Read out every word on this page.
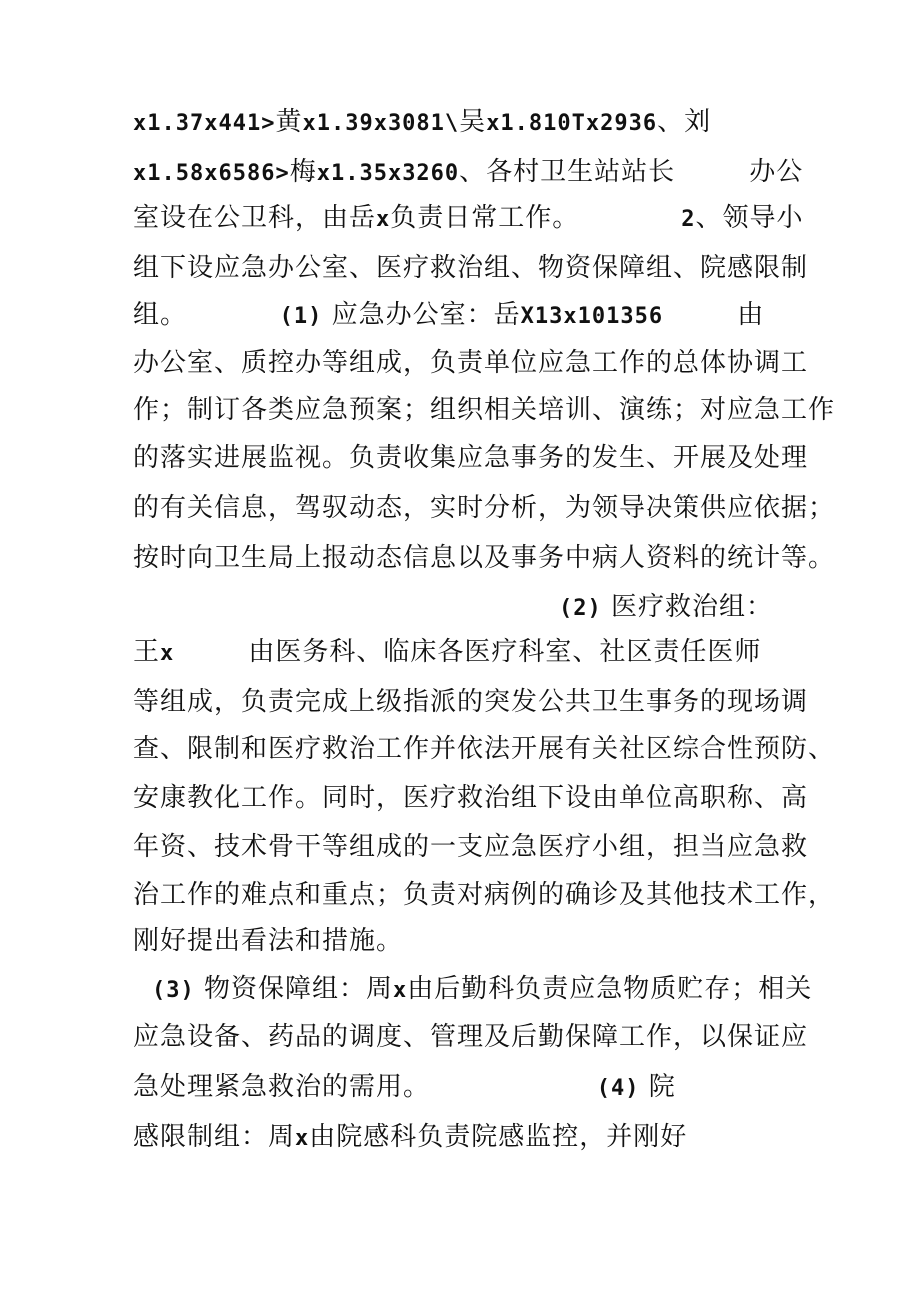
x1.37x441>黄x1.39x3081\吴x1.810Tx2936、刘
x1.58x6586>梅x1.35x3260、各村卫生站站长        办公
室设在公卫科，由岳x负责日常工作。           2、领导小
组下设应急办公室、医疗救治组、物资保障组、院感限制
组。          (1) 应急办公室：岳X13x101356        由
办公室、质控办等组成，负责单位应急工作的总体协调工
作；制订各类应急预案；组织相关培训、演练；对应急工作
的落实进展监视。负责收集应急事务的发生、开展及处理
的有关信息，驾驭动态，实时分析，为领导决策供应依据；
按时向卫生局上报动态信息以及事务中病人资料的统计等。
(2) 医疗救治组：
王x        由医务科、临床各医疗科室、社区责任医师
等组成，负责完成上级指派的突发公共卫生事务的现场调
查、限制和医疗救治工作并依法开展有关社区综合性预防、
安康教化工作。同时，医疗救治组下设由单位高职称、高
年资、技术骨干等组成的一支应急医疗小组，担当应急救
治工作的难点和重点；负责对病例的确诊及其他技术工作，
刚好提出看法和措施。
(3) 物资保障组：周x由后勤科负责应急物质贮存；相关
应急设备、药品的调度、管理及后勤保障工作，以保证应
急处理紧急救治的需用。                  (4) 院
感限制组：周x由院感科负责院感监控，并刚好
